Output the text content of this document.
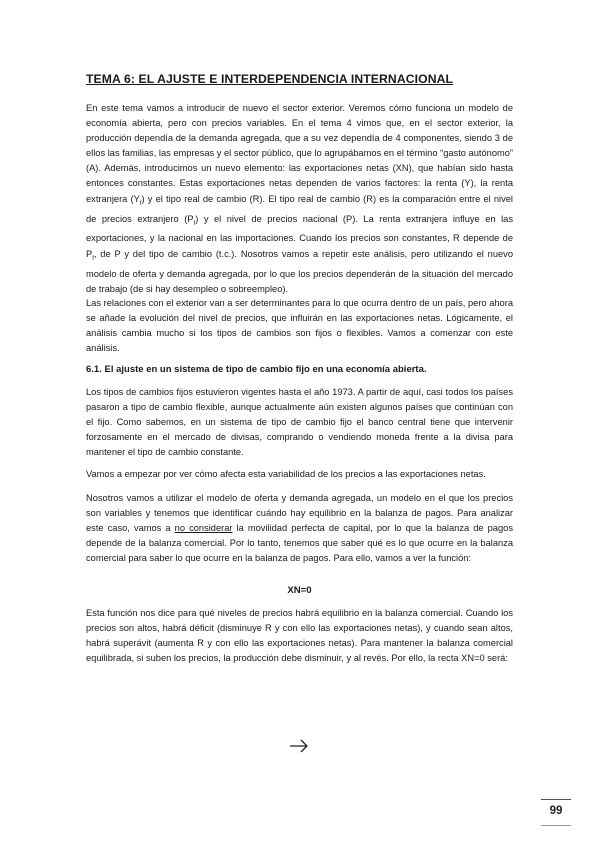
TEMA 6: EL AJUSTE E INTERDEPENDENCIA INTERNACIONAL

En este tema vamos a introducir de nuevo el sector exterior. Veremos cómo funciona un modelo de economía abierta, pero con precios variables. En el tema 4 vimos que, en el sector exterior, la producción dependía de la demanda agregada, que a su vez dependía de 4 componentes, siendo 3 de ellos las familias, las empresas y el sector público, que lo agrupábamos en el término “gasto autónomo” (A). Además, introducimos un nuevo elemento: las exportaciones netas (XN), que habían sido hasta entonces constantes. Estas exportaciones netas dependen de varios factores: la renta (Y), la renta extranjera $(Y_f)$ y el tipo real de cambio (R). El tipo real de cambio (R) es la comparación entre el nivel de precios extranjero $(P_f)$ y el nivel de precios nacional (P). La renta extranjera influye en las exportaciones, y la nacional en las importaciones. Cuando los precios son constantes, R depende de $P_f$, de P y del tipo de cambio (t.c.). Nosotros vamos a repetir este análisis, pero utilizando el nuevo modelo de oferta y demanda agregada, por lo que los precios dependerán de la situación del mercado de trabajo (de si hay desempleo o sobreempleo).

Las relaciones con el exterior van a ser determinantes para lo que ocurra dentro de un país, pero ahora se añade la evolución del nivel de precios, que influirán en las exportaciones netas. Lógicamente, el análisis cambia mucho si los tipos de cambios son fijos o flexibles. Vamos a comenzar con este análisis.

6.1. El ajuste en un sistema de tipo de cambio fijo en una economía abierta.

Los tipos de cambios fijos estuvieron vigentes hasta el año 1973. A partir de aquí, casi todos los países pasaron a tipo de cambio flexible, aunque actualmente aún existen algunos países que continúan con el fijo. Como sabemos, en un sistema de tipo de cambio fijo el banco central tiene que intervenir forzosamente en el mercado de divisas, comprando o vendiendo moneda frente a la divisa para mantener el tipo de cambio constante.

Vamos a empezar por ver cómo afecta esta variabilidad de los precios a las exportaciones netas.

Nosotros vamos a utilizar el modelo de oferta y demanda agregada, un modelo en el que los precios son variables y tenemos que identificar cuándo hay equilibrio en la balanza de pagos. Para analizar este caso, vamos a no considerar la movilidad perfecta de capital, por lo que la balanza de pagos depende de la balanza comercial. Por lo tanto, tenemos que saber qué es lo que ocurre en la balanza comercial para saber lo que ocurre en la balanza de pagos. Para ello, vamos a ver la función:

XN=0

Esta función nos dice para qué niveles de precios habrá equilibrio en la balanza comercial. Cuando los precios son altos, habrá déficit (disminuye R y con ello las exportaciones netas), y cuando sean altos, habrá superávit (aumenta R y con ello las exportaciones netas). Para mantener la balanza comercial equilibrada, si suben los precios, la producción debe disminuir, y al revés. Por ello, la recta XN=0 será:

99
